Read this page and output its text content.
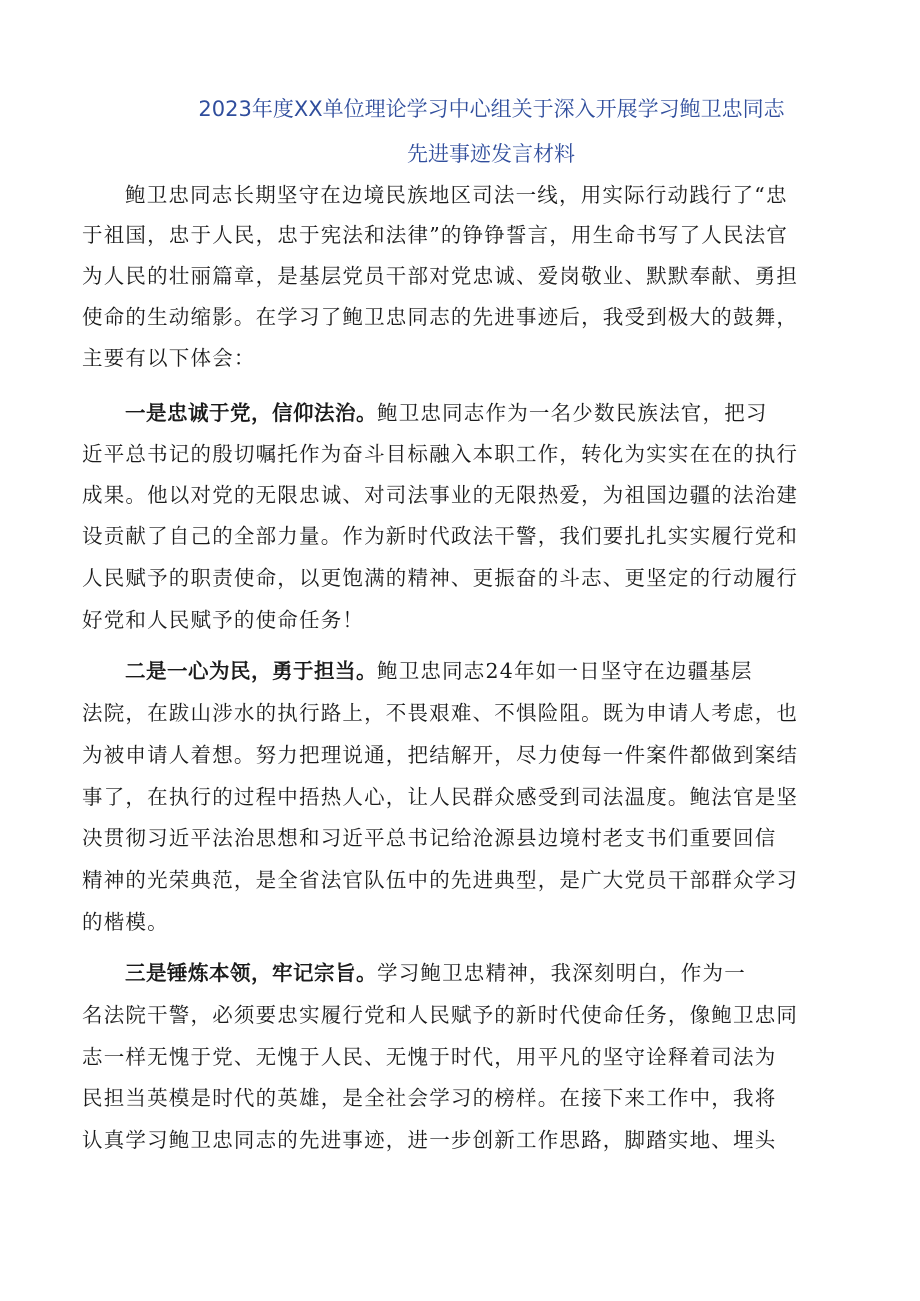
2023年度XX单位理论学习中心组关于深入开展学习鲍卫忠同志
先进事迹发言材料
鲍卫忠同志长期坚守在边境民族地区司法一线，用实际行动践行了“忠
于祖国，忠于人民，忠于宪法和法律”的铮铮誓言，用生命书写了人民法官
为人民的壮丽篇章，是基层党员干部对党忠诚、爱岗敬业、默默奉献、勇担
使命的生动缩影。在学习了鲍卫忠同志的先进事迹后，我受到极大的鼓舞，
主要有以下体会：
一是忠诚于党，信仰法治。鲍卫忠同志作为一名少数民族法官，把习
近平总书记的殷切嘱托作为奋斗目标融入本职工作，转化为实实在在的执行
成果。他以对党的无限忠诚、对司法事业的无限热爱，为祖国边疆的法治建
设贡献了自己的全部力量。作为新时代政法干警，我们要扎扎实实履行党和
人民赋予的职责使命，以更饱满的精神、更振奋的斗志、更坚定的行动履行
好党和人民赋予的使命任务！
二是一心为民，勇于担当。鲍卫忠同志24年如一日坚守在边疆基层
法院，在跋山涉水的执行路上，不畏艰难、不惧险阻。既为申请人考虑，也
为被申请人着想。努力把理说通，把结解开，尽力使每一件案件都做到案结
事了，在执行的过程中捂热人心，让人民群众感受到司法温度。鲍法官是坚
决贯彻习近平法治思想和习近平总书记给沧源县边境村老支书们重要回信
精神的光荣典范，是全省法官队伍中的先进典型，是广大党员干部群众学习
的楷模。
三是锤炼本领，牢记宗旨。学习鲍卫忠精神，我深刻明白，作为一
名法院干警，必须要忠实履行党和人民赋予的新时代使命任务，像鲍卫忠同
志一样无愧于党、无愧于人民、无愧于时代，用平凡的坚守诠释着司法为
民担当英模是时代的英雄，是全社会学习的榜样。在接下来工作中，我将
认真学习鲍卫忠同志的先进事迹，进一步创新工作思路，脚踏实地、埋头
